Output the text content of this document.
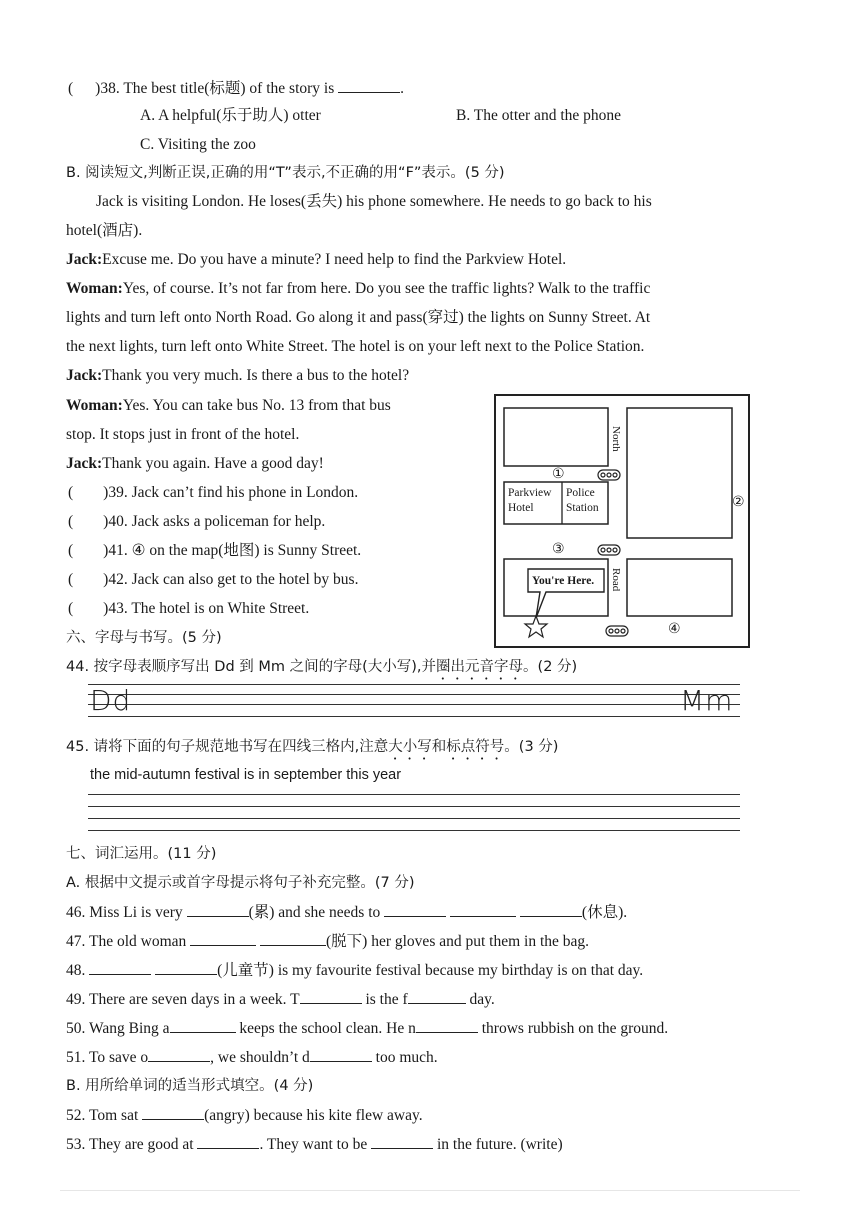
( )38. The best title(标题) of the story is	.
A. A helpful(乐于助人) otter	B. The otter and the phone
C. Visiting the zoo
B. 阅读短文,判断正误,正确的用“T”表示,不正确的用“F”表示。(5 分)
Jack is visiting London. He loses(丢失) his phone somewhere. He needs to go back to his
hotel(酒店).
Jack:Excuse me. Do you have a minute? I need help to find the Parkview Hotel.
Woman:Yes, of course. It’s not far from here. Do you see the traffic lights? Walk to the traffic
lights and turn left onto North Road. Go along it and pass(穿过) the lights on Sunny Street. At
the next lights, turn left onto White Street. The hotel is on your left next to the Police Station.
Jack:Thank you very much. Is there a bus to the hotel?
Woman:Yes. You can take bus No. 13 from that bus
stop. It stops just in front of the hotel.
Jack:Thank you again. Have a good day!
( )39. Jack can’t find his phone in London.
( )40. Jack asks a policeman for help.
( )41. ④ on the map(地图) is Sunny Street.
( )42. Jack can also get to the hotel by bus.
( )43. The hotel is on White Street.
North
Road
Parkview
Hotel
Police
Station
You're Here.
①
②
③
④
六、字母与书写。(5 分)
44. 按字母表顺序写出 Dd 到 Mm 之间的字母(大小写),并圈出元音字母。(2 分)
Dd	Mm
45. 请将下面的句子规范地书写在四线三格内,注意大小写和标点符号。(3 分)
the mid-autumn festival is in september this year
七、词汇运用。(11 分)
A. 根据中文提示或首字母提示将句子补充完整。(7 分)
46. Miss Li is very	(累) and she needs to	(休息).
47. The old woman	(脱下) her gloves and put them in the bag.
48.	(儿童节) is my favourite festival because my birthday is on that day.
49. There are seven days in a week. T	is the f	day.
50. Wang Bing a	keeps the school clean. He n	throws rubbish on the ground.
51. To save o	, we shouldn’t d	too much.
B. 用所给单词的适当形式填空。(4 分)
52. Tom sat	(angry) because his kite flew away.
53. They are good at	. They want to be	in the future. (write)
